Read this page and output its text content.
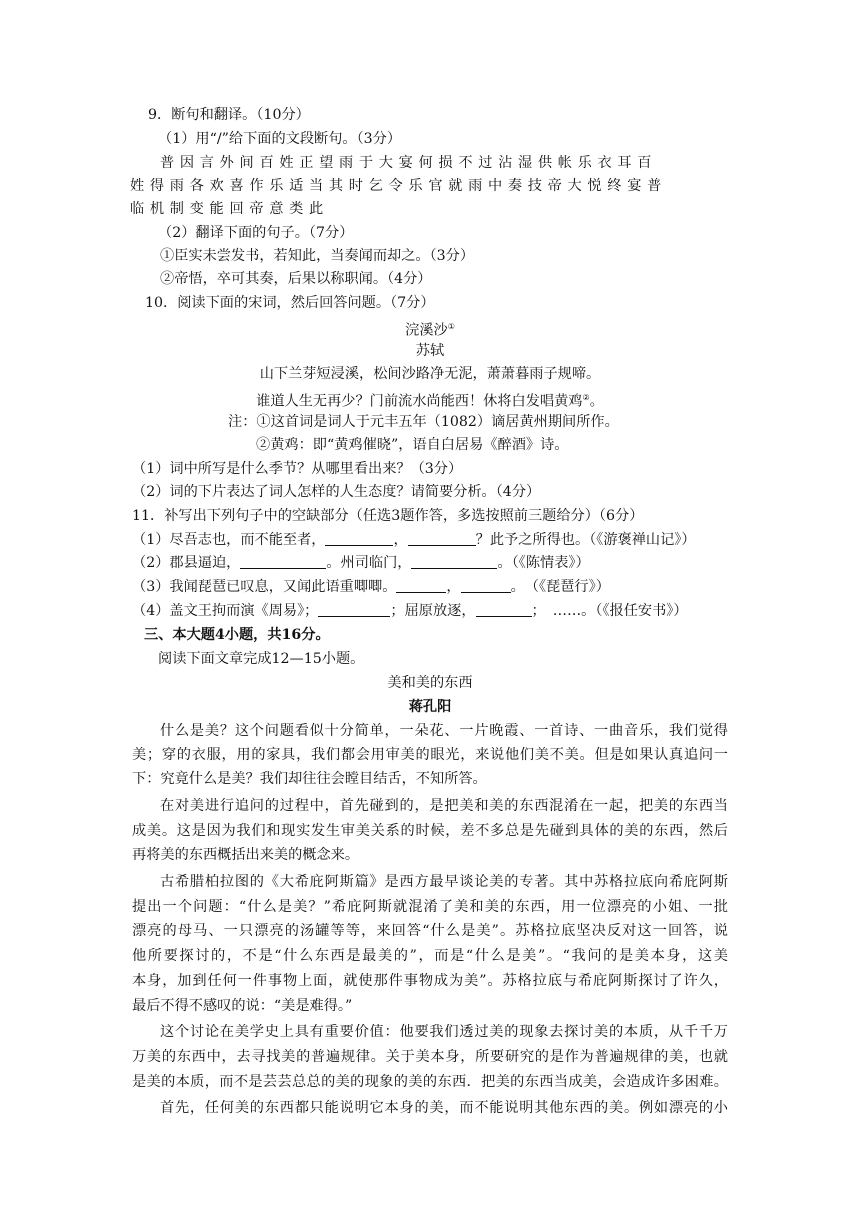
9．断句和翻译。（10分）
（1）用“/”给下面的文段断句。（3分）
普因言外间百姓正望雨于大宴何损不过沾湿供帐乐衣耳百
姓得雨各欢喜作乐适当其时乞令乐官就雨中奏技帝大悦终宴普
临机制变能回帝意类此
（2）翻译下面的句子。（7分）
①臣实未尝发书，若知此，当奏闻而却之。（3分）
②帝悟，卒可其奏，后果以称职闻。（4分）
10．阅读下面的宋词，然后回答问题。（7分）
浣溪沙①
苏轼
山下兰芽短浸溪，松间沙路净无泥，萧萧暮雨子规啼。
谁道人生无再少？门前流水尚能西！休将白发唱黄鸡②。
注：①这首词是词人于元丰五年（1082）谪居黄州期间所作。
②黄鸡：即“黄鸡催晓”，语自白居易《醉酒》诗。
（1）词中所写是什么季节？从哪里看出来？（3分）
（2）词的下片表达了词人怎样的人生态度？请简要分析。（4分）
11．补写出下列句子中的空缺部分（任选3题作答，多选按照前三题给分）（6分）
（1）尽吾志也，而不能至者，	，	？此予之所得也。（《游褒禅山记》）
（2）郡县逼迫，	。州司临门，	。（《陈情表》）
（3）我闻琵琶已叹息，又闻此语重唧唧。	，	。　（《琵琶行》）
（4）盖文王拘而演《周易》；	；屈原放逐，	；　……。（《报任安书》）
三、本大题4小题，共16分。
阅读下面文章完成12—15小题。
美和美的东西
蒋孔阳
什么是美？这个问题看似十分简单，一朵花、一片晚霞、一首诗、一曲音乐，我们觉得
美；穿的衣服，用的家具，我们都会用审美的眼光，来说他们美不美。但是如果认真追问一
下：究竟什么是美？我们却往往会瞠目结舌，不知所答。
在对美进行追问的过程中，首先碰到的，是把美和美的东西混淆在一起，把美的东西当
成美。这是因为我们和现实发生审美关系的时候，差不多总是先碰到具体的美的东西，然后
再将美的东西概括出来美的概念来。
古希腊柏拉图的《大希庇阿斯篇》是西方最早谈论美的专著。其中苏格拉底向希庇阿斯
提出一个问题：“什么是美？”希庇阿斯就混淆了美和美的东西，用一位漂亮的小姐、一批
漂亮的母马、一只漂亮的汤罐等等，来回答“什么是美”。苏格拉底坚决反对这一回答，说
他所要探讨的，不是“什么东西是最美的”，而是“什么是美”。“我问的是美本身，这美
本身，加到任何一件事物上面，就使那件事物成为美”。苏格拉底与希庇阿斯探讨了许久，
最后不得不感叹的说：“美是难得。”
这个讨论在美学史上具有重要价值：他要我们透过美的现象去探讨美的本质，从千千万
万美的东西中，去寻找美的普遍规律。关于美本身，所要研究的是作为普遍规律的美，也就
是美的本质，而不是芸芸总总的美的现象的美的东西．把美的东西当成美，会造成许多困难。
首先，任何美的东西都只能说明它本身的美，而不能说明其他东西的美。例如漂亮的小
